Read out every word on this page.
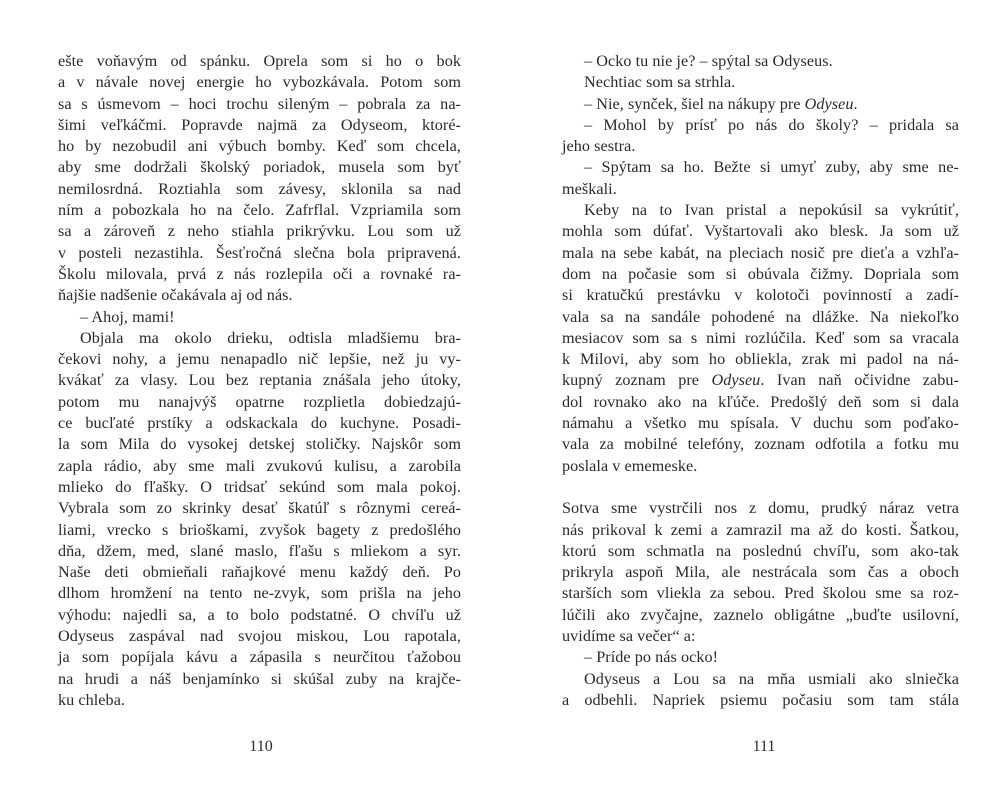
ešte voňavým od spánku. Oprela som si ho o bok
a v návale novej energie ho vybozkávala. Potom som
sa s úsmevom – hoci trochu sileným – pobrala za na-
šimi veľkáčmi. Popravde najmä za Odyseom, ktoré-
ho by nezobudil ani výbuch bomby. Keď som chcela,
aby sme dodržali školský poriadok, musela som byť
nemilosrdná. Roztiahla som závesy, sklonila sa nad
ním a pobozkala ho na čelo. Zafrflal. Vzpriamila som
sa a zároveň z neho stiahla prikrývku. Lou som už
v posteli nezastihla. Šesťročná slečna bola pripravená.
Školu milovala, prvá z nás rozlepila oči a rovnaké ra-
ňajšie nadšenie očakávala aj od nás.
– Ahoj, mami!
Objala ma okolo drieku, odtisla mladšiemu bra-
čekovi nohy, a jemu nenapadlo nič lepšie, než ju vy-
kvákať za vlasy. Lou bez reptania znášala jeho útoky,
potom mu nanajvýš opatrne rozplietla dobiedzajú-
ce bucľaté prstíky a odskackala do kuchyne. Posadi-
la som Mila do vysokej detskej stoličky. Najskôr som
zapla rádio, aby sme mali zvukovú kulisu, a zarobila
mlieko do fľašky. O tridsať sekúnd som mala pokoj.
Vybrala som zo skrinky desať škatúľ s rôznymi cereá-
liami, vrecko s brioškami, zvyšok bagety z predošlého
dňa, džem, med, slané maslo, fľašu s mliekom a syr.
Naše deti obmieňali raňajkové menu každý deň. Po
dlhom hromžení na tento ne-zvyk, som prišla na jeho
výhodu: najedli sa, a to bolo podstatné. O chvíľu už
Odyseus zaspával nad svojou miskou, Lou rapotala,
ja som popíjala kávu a zápasila s neurčitou ťažobou
na hrudi a náš benjamínko si skúšal zuby na krajče-
ku chleba.
– Ocko tu nie je? – spýtal sa Odyseus.
Nechtiac som sa strhla.
– Nie, synček, šiel na nákupy pre Odyseu.
– Mohol by prísť po nás do školy? – pridala sa
jeho sestra.
– Spýtam sa ho. Bežte si umyť zuby, aby sme ne-
meškali.
Keby na to Ivan pristal a nepokúsil sa vykrútiť,
mohla som dúfať. Vyštartovali ako blesk. Ja som už
mala na sebe kabát, na pleciach nosič pre dieťa a vzhľa-
dom na počasie som si obúvala čižmy. Dopriala som
si kratučkú prestávku v kolotoči povinností a zadí-
vala sa na sandále pohodené na dlážke. Na niekoľko
mesiacov som sa s nimi rozlúčila. Keď som sa vracala
k Milovi, aby som ho obliekla, zrak mi padol na ná-
kupný zoznam pre Odyseu. Ivan naň očividne zabu-
dol rovnako ako na kľúče. Predošlý deň som si dala
námahu a všetko mu spísala. V duchu som poďako-
vala za mobilné telefóny, zoznam odfotila a fotku mu
poslala v ememeske.
Sotva sme vystrčili nos z domu, prudký náraz vetra
nás prikoval k zemi a zamrazil ma až do kosti. Šatkou,
ktorú som schmatla na poslednú chvíľu, som ako-tak
prikryla aspoň Mila, ale nestrácala som čas a oboch
starších som vliekla za sebou. Pred školou sme sa roz-
lúčili ako zvyčajne, zaznelo obligátne „buďte usilovní,
uvidíme sa večer“ a:
– Príde po nás ocko!
Odyseus a Lou sa na mňa usmiali ako slniečka
a odbehli. Napriek psiemu počasiu som tam stála
110	111
